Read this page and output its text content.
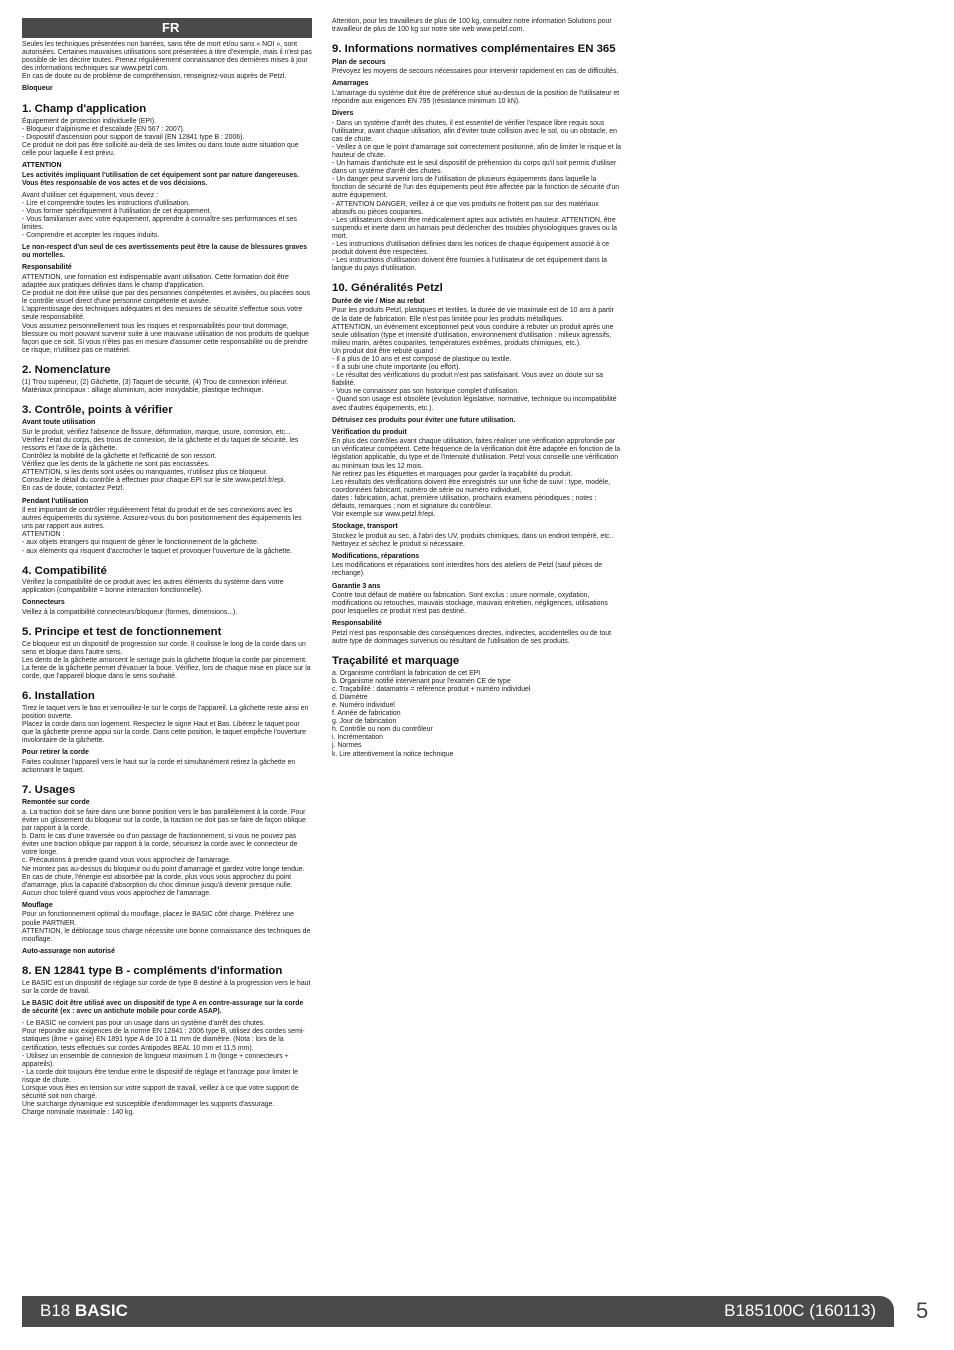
FR

Seules les techniques présentées non barrées, sans tête de mort et/ou sans « NOI », sont autorisées. Certaines mauvaises utilisations sont présentées à titre d'exemple, mais il n'est pas possible de les décrire toutes. Prenez régulièrement connaissance des dernières mises à jour des informations techniques sur www.petzl.com.
En cas de doute ou de problème de compréhension, renseignez-vous auprès de Petzl.

Bloqueur
1. Champ d'application

Équipement de protection individuelle (EPI).
- Bloqueur d'alpinisme et d'escalade (EN 567 : 2007).
- Dispositif d'ascension pour support de travail (EN 12841 type B : 2006).
Ce produit ne doit pas être sollicité au-delà de ses limites ou dans toute autre situation que celle pour laquelle il est prévu.

ATTENTION

Les activités impliquant l'utilisation de cet équipement sont par nature dangereuses.
Vous êtes responsable de vos actes et de vos décisions.

Avant d'utiliser cet équipement, vous devez :
- Lire et comprendre toutes les instructions d'utilisation.
- Vous former spécifiquement à l'utilisation de cet équipement.
- Vous familiariser avec votre équipement, apprendre à connaître ses performances et ses limites.
- Comprendre et accepter les risques induits.

Le non-respect d'un seul de ces avertissements peut être la cause de blessures graves ou mortelles.

Responsabilité

ATTENTION, une formation est indispensable avant utilisation. Cette formation doit être adaptée aux pratiques définies dans le champ d'application.
Ce produit ne doit être utilisé que par des personnes compétentes et avisées, ou placées sous le contrôle visuel direct d'une personne compétente et avisée.
L'apprentissage des techniques adéquates et des mesures de sécurité s'effectue sous votre seule responsabilité.
Vous assumez personnellement tous les risques et responsabilités pour tout dommage, blessure ou mort pouvant survenir suite à une mauvaise utilisation de nos produits de quelque façon que ce soit. Si vous n'êtes pas en mesure d'assumer cette responsabilité ou de prendre ce risque, n'utilisez pas ce matériel.

2. Nomenclature

(1) Trou supérieur, (2) Gâchette, (3) Taquet de sécurité, (4) Trou de connexion inférieur.
Matériaux principaux : alliage aluminium, acier inoxydable, plastique technique.

3. Contrôle, points à vérifier
Avant toute utilisation

Sur le produit, vérifiez l'absence de fissure, déformation, marque, usure, corrosion, etc...
Vérifiez l'état du corps, des trous de connexion, de la gâchette et du taquet de sécurité, les ressorts et l'axe de la gâchette.
Contrôlez la mobilité de la gâchette et l'efficacité de son ressort.
Vérifiez que les dents de la gâchette ne sont pas encrassées.
ATTENTION, si les dents sont usées ou manquantes, n'utilisez plus ce bloqueur.
Consultez le détail du contrôle à effectuer pour chaque EPI sur le site www.petzl.fr/epi.
En cas de doute, contactez Petzl.

Pendant l'utilisation

Il est important de contrôler régulièrement l'état du produit et de ses connexions avec les autres équipements du système. Assurez-vous du bon positionnement des équipements les uns par rapport aux autres.
ATTENTION :
- aux objets étrangers qui risquent de gêner le fonctionnement de la gâchette.
- aux éléments qui risquent d'accrocher le taquet et provoquer l'ouverture de la gâchette.

4. Compatibilité

Vérifiez la compatibilité de ce produit avec les autres éléments du système dans votre application (compatibilité = bonne interaction fonctionnelle).

Connecteurs

Veillez à la compatibilité connecteurs/bloqueur (formes, dimensions...).

5. Principe et test de fonctionnement

Ce bloqueur est un dispositif de progression sur corde. Il coulisse le long de la corde dans un sens et bloque dans l'autre sens.
Les dents de la gâchette amorcent le serrage puis la gâchette bloque la corde par pincement. La fente de la gâchette permet d'évacuer la boue. Vérifiez, lors de chaque mise en place sur la corde, que l'appareil bloque dans le sens souhaité.

6. Installation

Tirez le taquet vers le bas et verrouillez-le sur le corps de l'appareil. La gâchette reste ainsi en position ouverte.
Placez la corde dans son logement. Respectez le signe Haut et Bas. Libérez le taquet pour que la gâchette prenne appui sur la corde. Dans cette position, le taquet empêche l'ouverture involontaire de la gâchette.

Pour retirer la corde

Faites coulisser l'appareil vers le haut sur la corde et simultanément retirez la gâchette en actionnant le taquet.

7. Usages
Remontée sur corde

a. La traction doit se faire dans une bonne position vers le bas parallèlement à la corde. Pour éviter un glissement du bloqueur sur la corde, la traction ne doit pas se faire de façon oblique par rapport à la corde.
b. Dans le cas d'une traversée ou d'un passage de fractionnement, si vous ne pouvez pas éviter une traction oblique par rapport à la corde, sécurisez la corde avec le connecteur de votre longe.
c. Précautions à prendre quand vous vous approchez de l'amarrage.
Ne montez pas au-dessus du bloqueur ou du point d'amarrage et gardez votre longe tendue.
En cas de chute, l'énergie est absorbée par la corde, plus vous vous approchez du point d'amarrage, plus la capacité d'absorption du choc diminue jusqu'à devenir presque nulle.
Aucun choc toléré quand vous vous approchez de l'amarrage.

Mouflage

Pour un fonctionnement optimal du mouflage, placez le BASIC côté charge. Préférez une poulie PARTNER.
ATTENTION, le déblocage sous charge nécessite une bonne connaissance des techniques de mouflage.

Auto-assurage non autorisé
8. EN 12841 type B - compléments d'information

Le BASIC est un dispositif de réglage sur corde de type B destiné à la progression vers le haut sur la corde de travail.

Le BASIC doit être utilisé avec un dispositif de type A en contre-assurage sur la corde de sécurité (ex : avec un antichute mobile pour corde ASAP).

- Le BASIC ne convient pas pour un usage dans un système d'arrêt des chutes.
Pour répondre aux exigences de la norme EN 12841 : 2006 type B, utilisez des cordes semi-statiques (âme + gaine) EN 1891 type A de 10 à 11 mm de diamètre. (Nota : lors de la certification, tests effectués sur cordes Antipodes BEAL 10 mm et 11,5 mm).
- Utilisez un ensemble de connexion de longueur maximum 1 m (longe + connecteurs + appareils).
- La corde doit toujours être tendue entre le dispositif de réglage et l'ancrage pour limiter le risque de chute.
Lorsque vous êtes en tension sur votre support de travail, veillez à ce que votre support de sécurité soit non chargé.
Une surcharge dynamique est susceptible d'endommager les supports d'assurage.
Charge nominale maximale : 140 kg.

Attention, pour les travailleurs de plus de 100 kg, consultez notre information Solutions pour travailleur de plus de 100 kg sur notre site web www.petzl.com.

9. Informations normatives complémentaires EN 365
Plan de secours

Prévoyez les moyens de secours nécessaires pour intervenir rapidement en cas de difficultés.

Amarrages

L'amarrage du système doit être de préférence situé au-dessus de la position de l'utilisateur et répondre aux exigences EN 795 (résistance minimum 10 kN).

Divers

- Dans un système d'arrêt des chutes, il est essentiel de vérifier l'espace libre requis sous l'utilisateur, avant chaque utilisation, afin d'éviter toute collision avec le sol, ou un obstacle, en cas de chute.
- Veillez à ce que le point d'amarrage soit correctement positionné, afin de limiter le risque et la hauteur de chute.
- Un harnais d'antichute est le seul dispositif de préhension du corps qu'il soit permis d'utiliser dans un système d'arrêt des chutes.
- Un danger peut survenir lors de l'utilisation de plusieurs équipements dans laquelle la fonction de sécurité de l'un des équipements peut être affectée par la fonction de sécurité d'un autre équipement.
- ATTENTION DANGER, veillez à ce que vos produits ne frottent pas sur des matériaux abrasifs ou pièces coupantes.
- Les utilisateurs doivent être médicalement aptes aux activités en hauteur. ATTENTION, être suspendu et inerte dans un harnais peut déclencher des troubles physiologiques graves ou la mort.
- Les instructions d'utilisation définies dans les notices de chaque équipement associé à ce produit doivent être respectées.
- Les instructions d'utilisation doivent être fournies à l'utilisateur de cet équipement dans la langue du pays d'utilisation.

10. Généralités Petzl
Durée de vie / Mise au rebut

Pour les produits Petzl, plastiques et textiles, la durée de vie maximale est de 10 ans à partir de la date de fabrication. Elle n'est pas limitée pour les produits métalliques.
ATTENTION, un événement exceptionnel peut vous conduire à rebuter un produit après une seule utilisation (type et intensité d'utilisation, environnement d'utilisation : milieux agressifs, milieu marin, arêtes coupantes, températures extrêmes, produits chimiques, etc.).
Un produit doit être rebuté quand :
- Il a plus de 10 ans et est composé de plastique ou textile.
- Il a subi une chute importante (ou effort).
- Le résultat des vérifications du produit n'est pas satisfaisant. Vous avez un doute sur sa fiabilité.
- Vous ne connaissez pas son historique complet d'utilisation.
- Quand son usage est obsolète (évolution législative, normative, technique ou incompatibilité avec d'autres équipements, etc.).

Détruisez ces produits pour éviter une future utilisation.

Vérification du produit

En plus des contrôles avant chaque utilisation, faites réaliser une vérification approfondie par un vérificateur compétent. Cette fréquence de la vérification doit être adaptée en fonction de la législation applicable, du type et de l'intensité d'utilisation. Petzl vous conseille une vérification au minimum tous les 12 mois.
Ne retirez pas les étiquettes et marquages pour garder la traçabilité du produit.
Les résultats des vérifications doivent être enregistrés sur une fiche de suivi : type, modèle, coordonnées fabricant, numéro de série ou numéro individuel,
dates : fabrication, achat, première utilisation, prochains examens périodiques ; notes : défauts, remarques ; nom et signature du contrôleur.
Voir exemple sur www.petzl.fr/epi.

Stockage, transport

Stockez le produit au sec, à l'abri des UV, produits chimiques, dans un endroit tempéré, etc.. Nettoyez et séchez le produit si nécessaire.

Modifications, réparations

Les modifications et réparations sont interdites hors des ateliers de Petzl (sauf pièces de rechange).

Garantie 3 ans

Contre tout défaut de matière ou fabrication. Sont exclus : usure normale, oxydation, modifications ou retouches, mauvais stockage, mauvais entretien, négligences, utilisations pour lesquelles ce produit n'est pas destiné.

Responsabilité

Petzl n'est pas responsable des conséquences directes, indirectes, accidentelles ou de tout autre type de dommages survenus ou résultant de l'utilisation de ses produits.

Traçabilité et marquage

a. Organisme contrôlant la fabrication de cet EPI
b. Organisme notifié intervenant pour l'examen CE de type
c. Traçabilité : datamatrix = référence produit + numéro individuel
d. Diamètre
e. Numéro individuel
f. Année de fabrication
g. Jour de fabrication
h. Contrôle ou nom du contrôleur
i. Incrémentation
j. Normes
k. Lire attentivement la notice technique

B18 BASIC	B185100C (160113) 5
